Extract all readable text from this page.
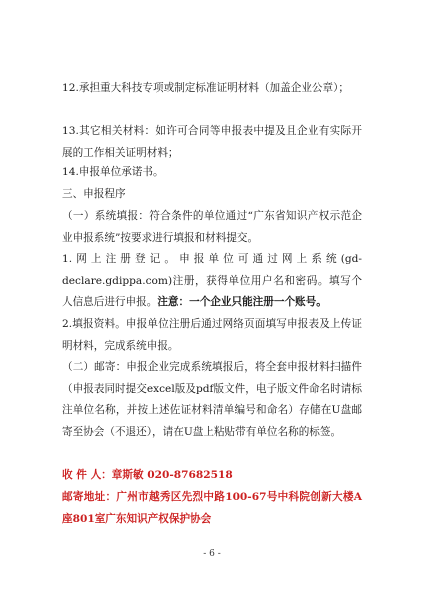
12.承担重大科技专项或制定标准证明材料（加盖企业公章）；

13.其它相关材料：如许可合同等申报表中提及且企业有实际开展的工作相关证明材料；

14.申报单位承诺书。

三、申报程序

（一）系统填报：符合条件的单位通过“广东省知识产权示范企业申报系统”按要求进行填报和材料提交。

1.网上注册登记。申报单位可通过网上系统(gd-declare.gdippa.com)注册，获得单位用户名和密码。填写个人信息后进行申报。注意：一个企业只能注册一个账号。

2.填报资料。申报单位注册后通过网络页面填写申报表及上传证明材料，完成系统申报。

（二）邮寄：申报企业完成系统填报后，将全套申报材料扫描件（申报表同时提交excel版及pdf版文件，电子版文件命名时请标注单位名称，并按上述佐证材料清单编号和命名）存储在U盘邮寄至协会（不退还），请在U盘上粘贴带有单位名称的标签。

收 件 人：章斯敏 020-87682518

邮寄地址：广州市越秀区先烈中路100-67号中科院创新大楼A座801室广东知识产权保护协会

- 6 -
